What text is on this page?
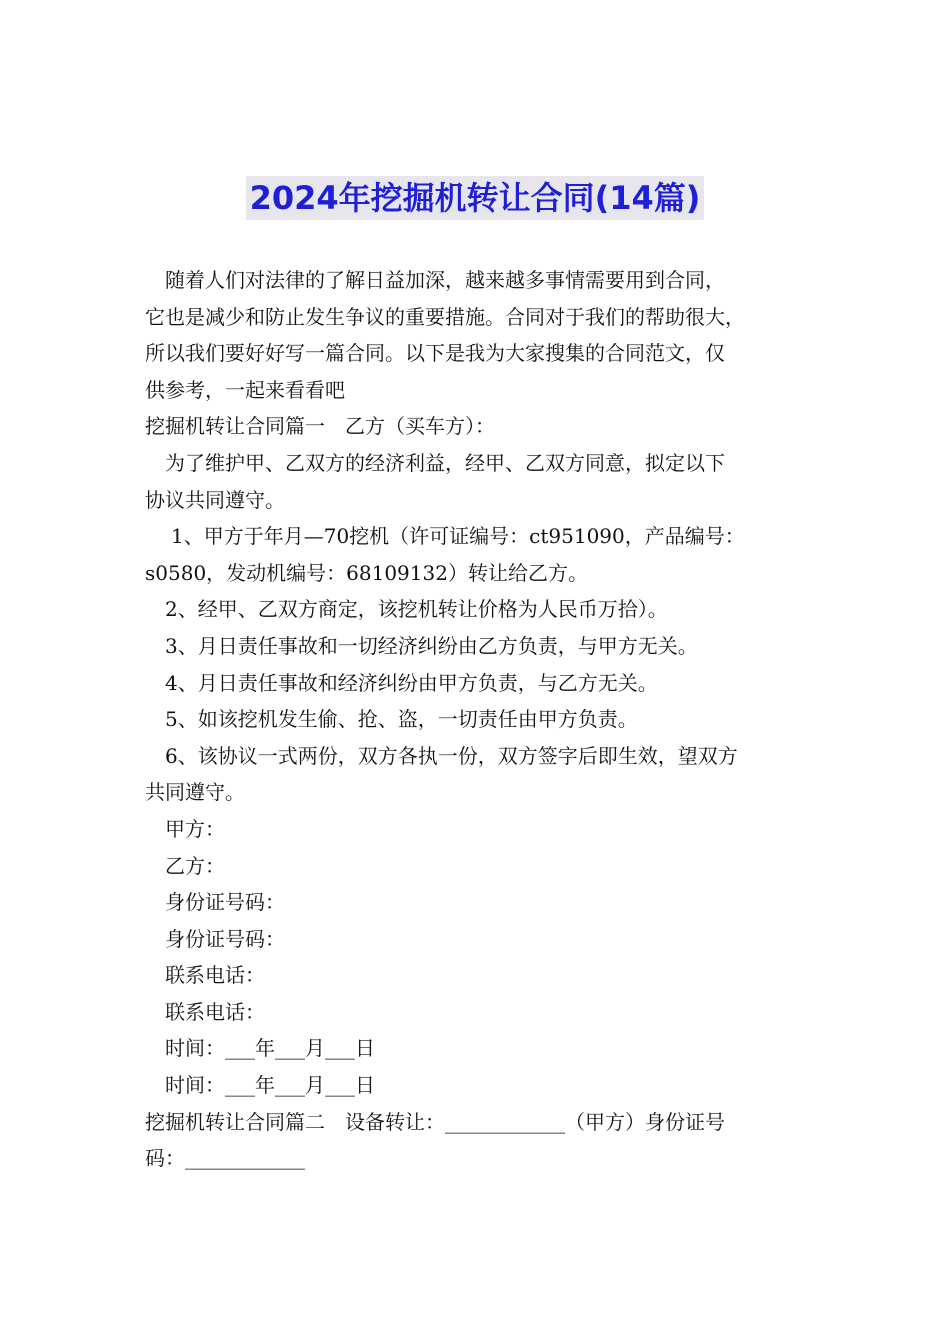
2024年挖掘机转让合同(14篇)

随着人们对法律的了解日益加深，越来越多事情需要用到合同，

它也是减少和防止发生争议的重要措施。合同对于我们的帮助很大，

所以我们要好好写一篇合同。以下是我为大家搜集的合同范文，仅

供参考，一起来看看吧

挖掘机转让合同篇一　乙方（买车方）：

为了维护甲、乙双方的经济利益，经甲、乙双方同意，拟定以下

协议共同遵守。

1、甲方于年月—70挖机（许可证编号：ct951090，产品编号：

s0580，发动机编号：68109132）转让给乙方。

2、经甲、乙双方商定，该挖机转让价格为人民币万拾）。

3、月日责任事故和一切经济纠纷由乙方负责，与甲方无关。

4、月日责任事故和经济纠纷由甲方负责，与乙方无关。

5、如该挖机发生偷、抢、盗，一切责任由甲方负责。

6、该协议一式两份，双方各执一份，双方签字后即生效，望双方

共同遵守。

甲方：

乙方：

身份证号码：

身份证号码：

联系电话：

联系电话：

时间：___年___月___日

时间：___年___月___日

挖掘机转让合同篇二　设备转让：____________（甲方）身份证号

码：____________
